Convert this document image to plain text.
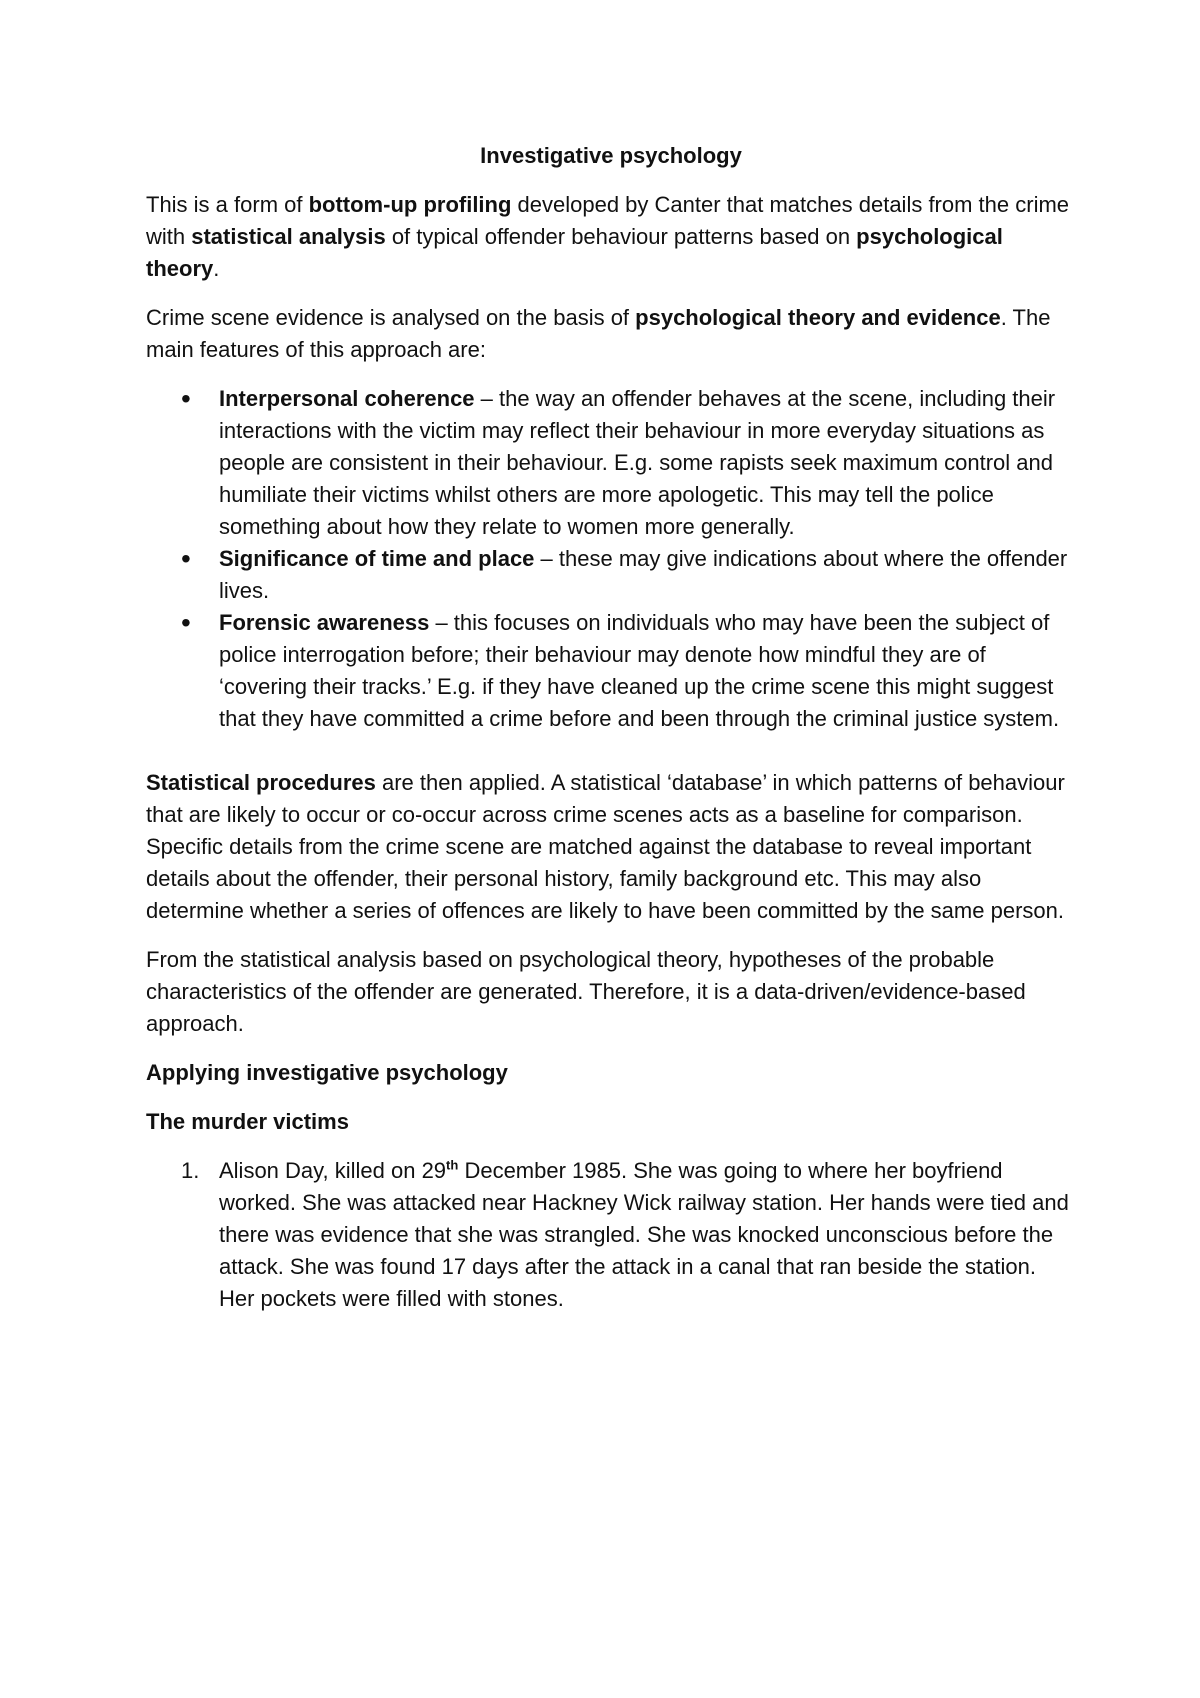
Investigative psychology

This is a form of bottom-up profiling developed by Canter that matches details from the crime with statistical analysis of typical offender behaviour patterns based on psychological theory.

Crime scene evidence is analysed on the basis of psychological theory and evidence. The main features of this approach are:

• Interpersonal coherence – the way an offender behaves at the scene, including their interactions with the victim may reflect their behaviour in more everyday situations as people are consistent in their behaviour. E.g. some rapists seek maximum control and humiliate their victims whilst others are more apologetic. This may tell the police something about how they relate to women more generally.
• Significance of time and place – these may give indications about where the offender lives.
• Forensic awareness – this focuses on individuals who may have been the subject of police interrogation before; their behaviour may denote how mindful they are of ‘covering their tracks.’ E.g. if they have cleaned up the crime scene this might suggest that they have committed a crime before and been through the criminal justice system.

Statistical procedures are then applied. A statistical ‘database’ in which patterns of behaviour that are likely to occur or co-occur across crime scenes acts as a baseline for comparison. Specific details from the crime scene are matched against the database to reveal important details about the offender, their personal history, family background etc. This may also determine whether a series of offences are likely to have been committed by the same person.

From the statistical analysis based on psychological theory, hypotheses of the probable characteristics of the offender are generated. Therefore, it is a data-driven/evidence-based approach.

Applying investigative psychology
The murder victims
1. Alison Day, killed on 29th December 1985. She was going to where her boyfriend worked. She was attacked near Hackney Wick railway station. Her hands were tied and there was evidence that she was strangled. She was knocked unconscious before the attack. She was found 17 days after the attack in a canal that ran beside the station. Her pockets were filled with stones.
